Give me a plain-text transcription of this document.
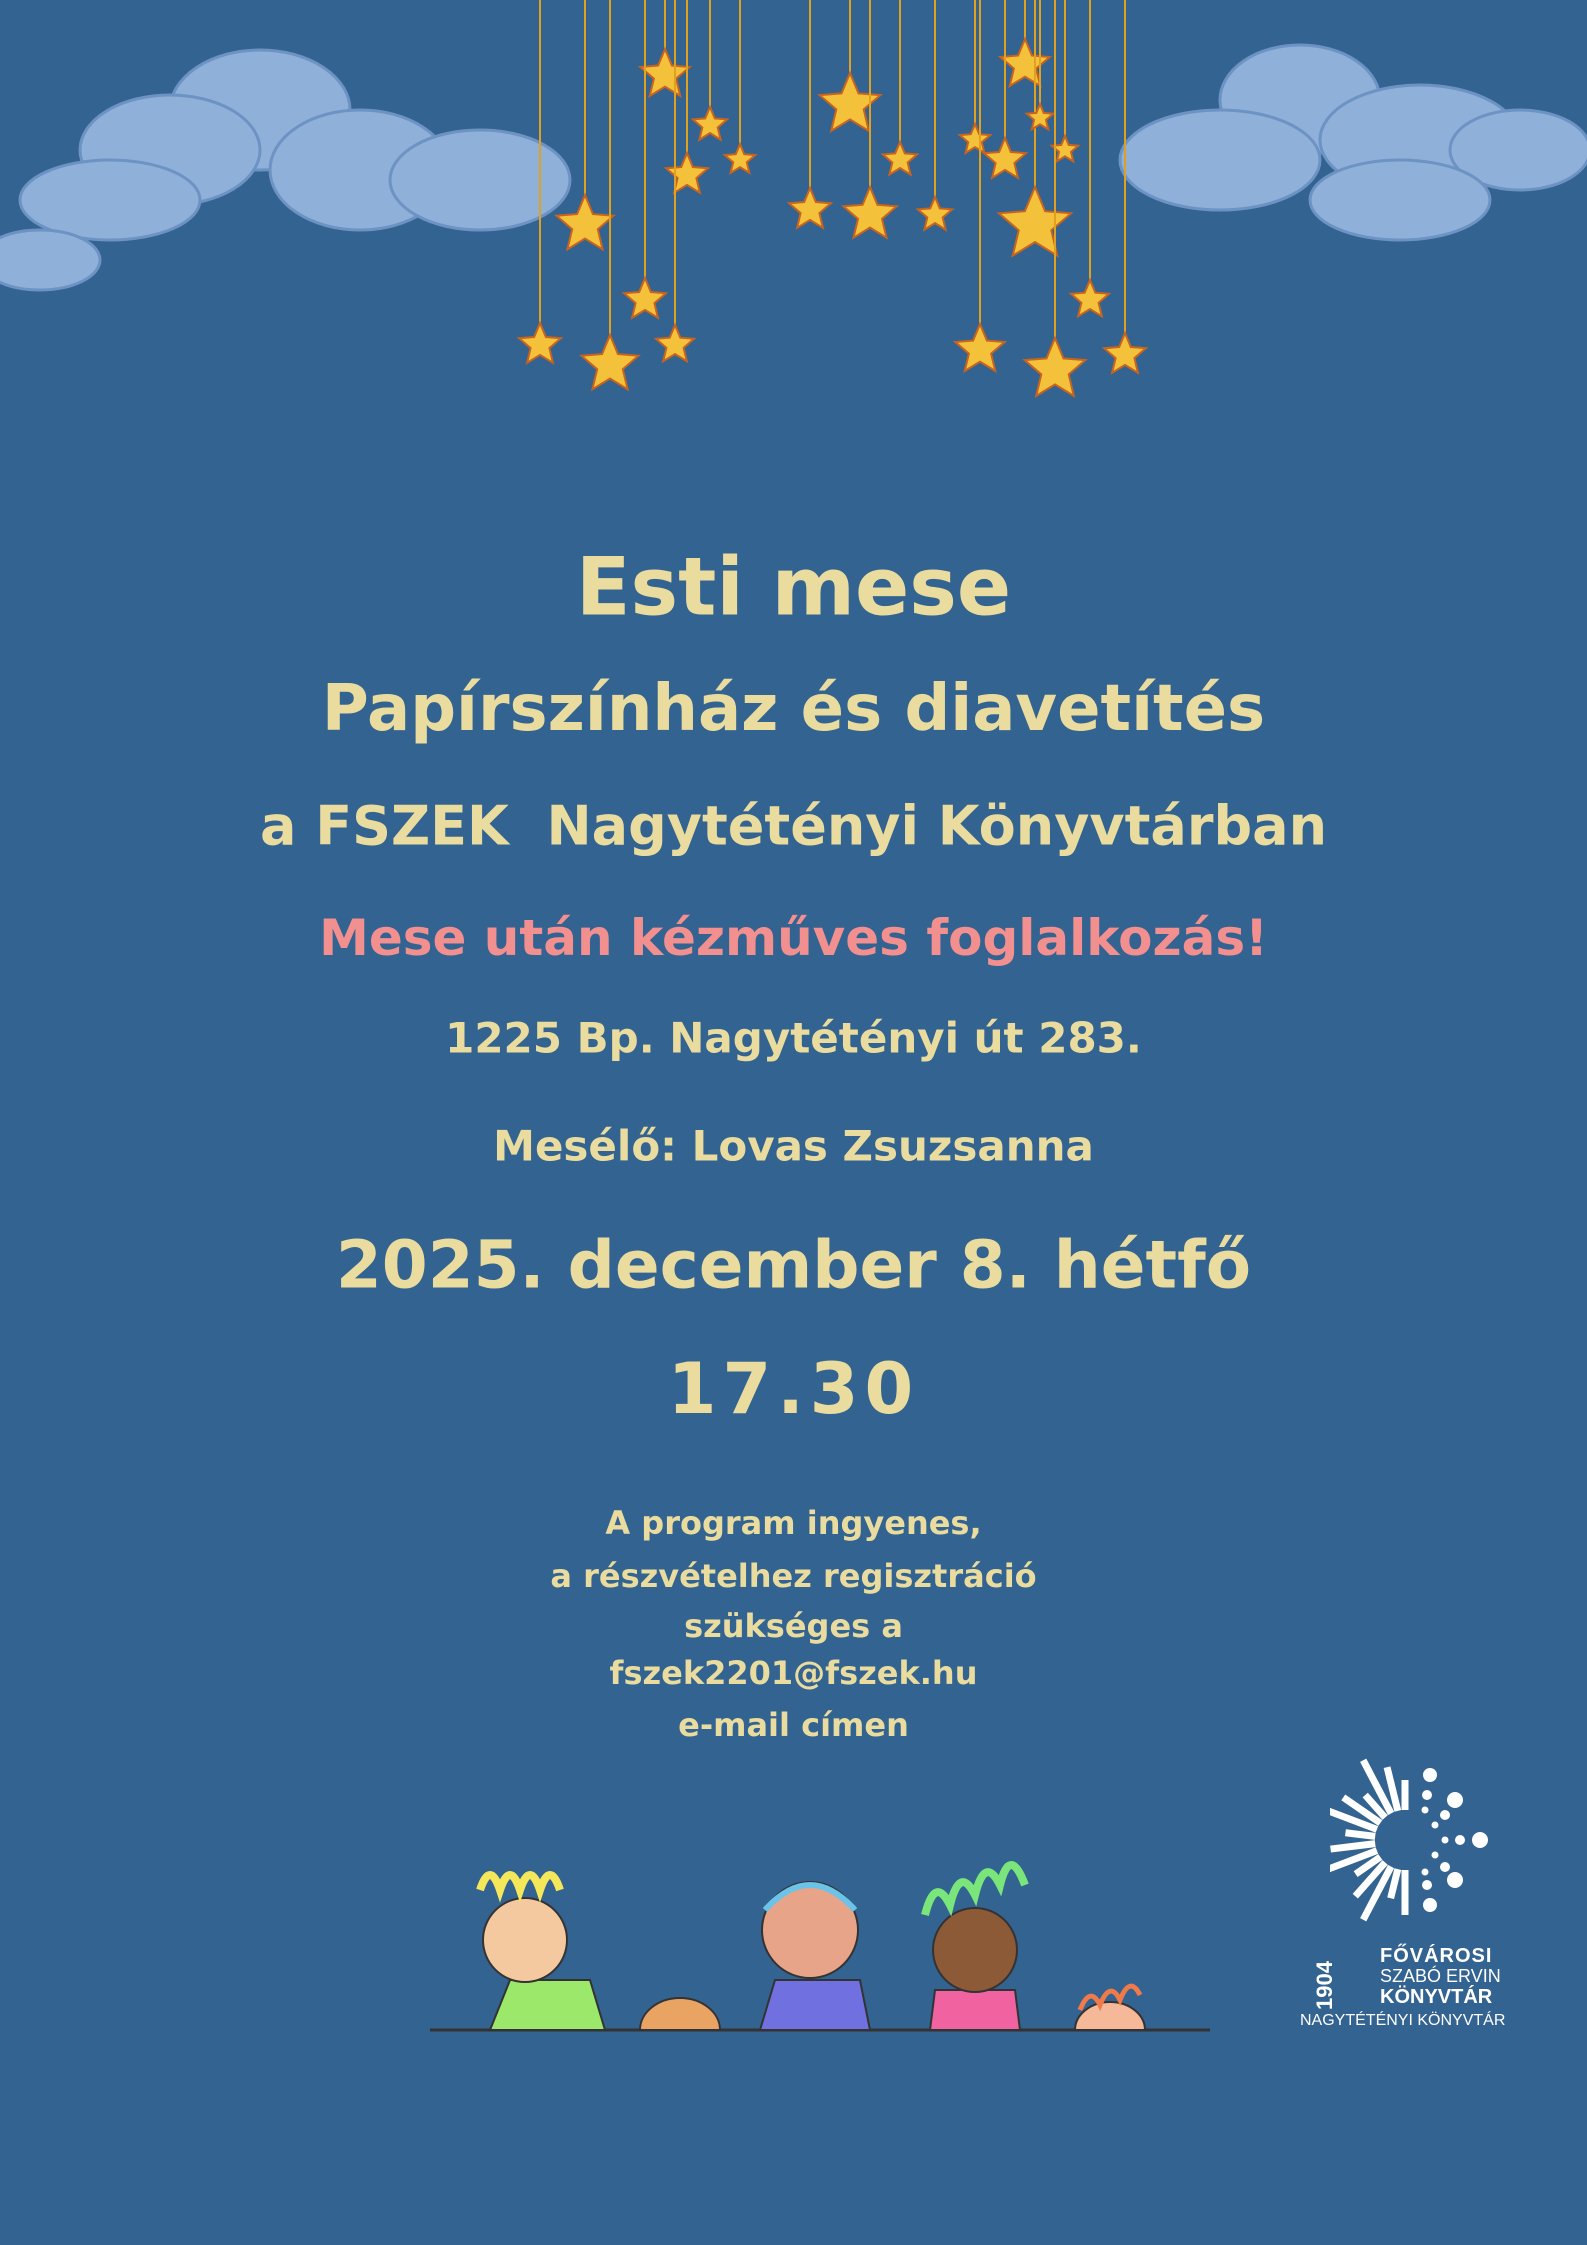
Esti mese
Papírszínház és diavetítés
a FSZEK  Nagytétényi Könyvtárban
Mese után kézműves foglalkozás!
1225 Bp. Nagytétényi út 283.
Mesélő: Lovas Zsuzsanna
2025. december 8. hétfő
17.30
A program ingyenes,
a részvételhez regisztráció
szükséges a
fszek2201@fszek.hu
e-mail címen
1904
FŐVÁROSI
SZABÓ ERVIN
KÖNYVTÁR
NAGYTÉTÉNYI KÖNYVTÁR
